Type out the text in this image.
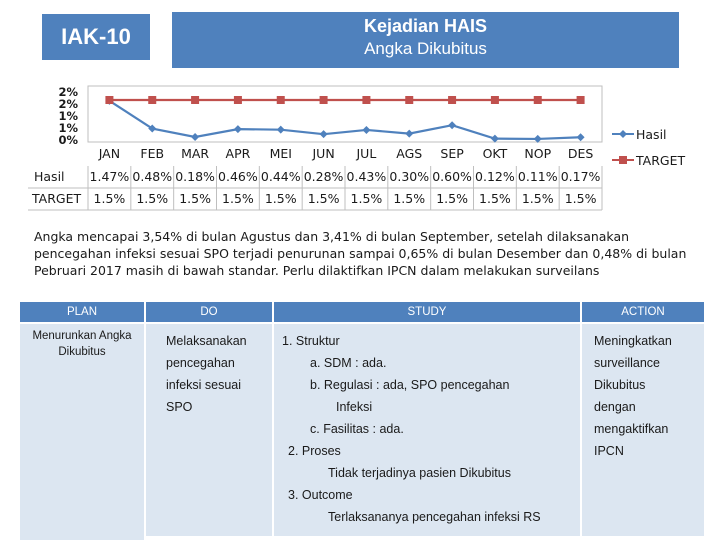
IAK-10	Kejadian HAIS
Angka Dikubitus
2%
2%
1%
1%
0%
JAN FEB MAR APR MEI JUN JUL AGS SEP OKT NOP DES
Hasil 1.47% 0.48% 0.18% 0.46% 0.44% 0.28% 0.43% 0.30% 0.60% 0.12% 0.11% 0.17%
TARGET 1.5% 1.5% 1.5% 1.5% 1.5% 1.5% 1.5% 1.5% 1.5% 1.5% 1.5% 1.5%
Hasil
TARGET
Angka mencapai 3,54% di bulan Agustus dan 3,41% di bulan September, setelah dilaksanakan pencegahan infeksi sesuai SPO terjadi penurunan sampai 0,65% di bulan Desember dan 0,48% di bulan Pebruari 2017 masih di bawah standar. Perlu dilaktifkan IPCN dalam melakukan surveilans
PLAN
Menurunkan Angka Dikubitus
DO
Melaksanakan pencegahan infeksi sesuai SPO
STUDY
1. Struktur
a. SDM : ada.
b. Regulasi : ada, SPO pencegahan
Infeksi
c. Fasilitas : ada.
2. Proses
Tidak terjadinya pasien Dikubitus
3. Outcome
Terlaksananya pencegahan infeksi RS
ACTION
Meningkatkan surveillance Dikubitus dengan mengaktifkan IPCN
